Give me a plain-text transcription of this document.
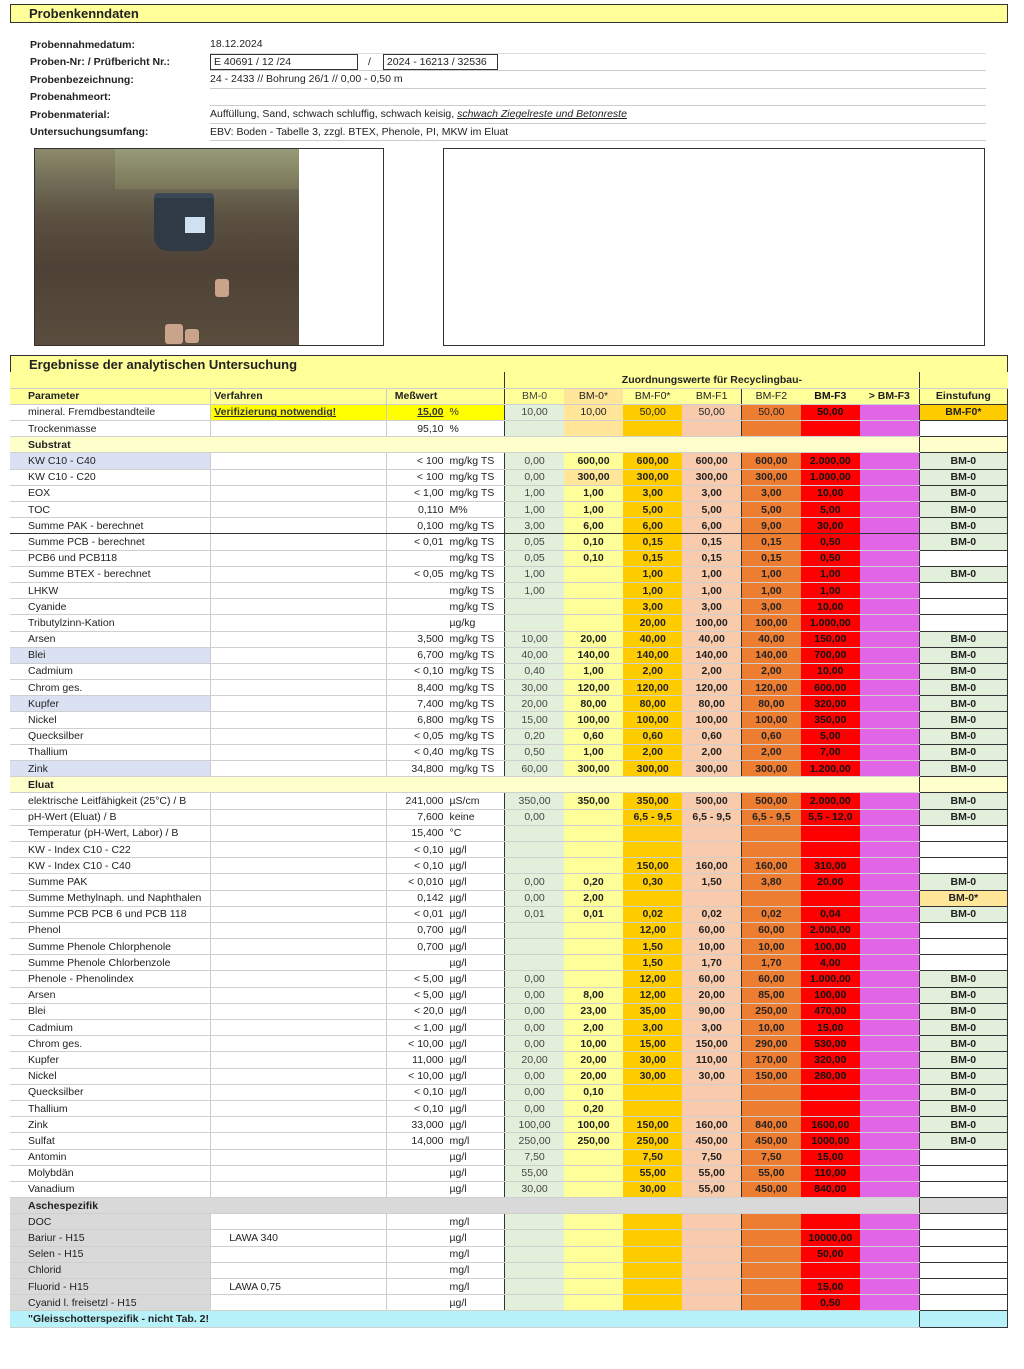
Probenkenndaten
Probennahmedatum:	18.12.2024
Proben-Nr: / Prüfbericht Nr.:	E 40691 / 12 /24	/	2024 - 16213 / 32536
Probenbezeichnung:	24 - 2433 // Bohrung 26/1 // 0,00 - 0,50 m
Probenahmeort:
Probenmaterial:	Auffüllung, Sand, schwach schluffig, schwach keisig,
schwach Ziegelreste und Betonreste
Untersuchungsumfang:	EBV: Boden - Tabelle 3, zzgl. BTEX, Phenole, PI, MKW im Eluat
Ergebnisse der analytischen Untersuchung
				Zuordnungswerte für Recyclingbau-							
Parameter	Verfahren	Meßwert		BM-0	BM-0*	BM-F0*	BM-F1	BM-F2	BM-F3	> BM-F3	Einstufung
mineral. Fremdbestandteile	Verifizierung notwendig!	15,00	%	10,00	10,00	50,00	50,00	50,00	50,00		BM-F0*
Trockenmasse		95,10	%								
Substrat											
KW C10 - C40		< 100	mg/kg TS	0,00	600,00	600,00	600,00	600,00	2.000,00		BM-0
KW C10 - C20		< 100	mg/kg TS	0,00	300,00	300,00	300,00	300,00	1.000,00		BM-0
EOX		< 1,00	mg/kg TS	1,00	1,00	3,00	3,00	3,00	10,00		BM-0
TOC		0,110	M%	1,00	1,00	5,00	5,00	5,00	5,00		BM-0
Summe PAK - berechnet		0,100	mg/kg TS	3,00	6,00	6,00	6,00	9,00	30,00		BM-0
Summe PCB - berechnet		< 0,01	mg/kg TS	0,05	0,10	0,15	0,15	0,15	0,50		BM-0
PCB6 und PCB118			mg/kg TS	0,05	0,10	0,15	0,15	0,15	0,50		
Summe BTEX - berechnet		< 0,05	mg/kg TS	1,00		1,00	1,00	1,00	1,00		BM-0
LHKW			mg/kg TS	1,00		1,00	1,00	1,00	1,00		
Cyanide			mg/kg TS			3,00	3,00	3,00	10,00		
Tributylzinn-Kation			µg/kg			20,00	100,00	100,00	1.000,00		
Arsen		3,500	mg/kg TS	10,00	20,00	40,00	40,00	40,00	150,00		BM-0
Blei		6,700	mg/kg TS	40,00	140,00	140,00	140,00	140,00	700,00		BM-0
Cadmium		< 0,10	mg/kg TS	0,40	1,00	2,00	2,00	2,00	10,00		BM-0
Chrom ges.		8,400	mg/kg TS	30,00	120,00	120,00	120,00	120,00	600,00		BM-0
Kupfer		7,400	mg/kg TS	20,00	80,00	80,00	80,00	80,00	320,00		BM-0
Nickel		6,800	mg/kg TS	15,00	100,00	100,00	100,00	100,00	350,00		BM-0
Quecksilber		< 0,05	mg/kg TS	0,20	0,60	0,60	0,60	0,60	5,00		BM-0
Thallium		< 0,40	mg/kg TS	0,50	1,00	2,00	2,00	2,00	7,00		BM-0
Zink		34,800	mg/kg TS	60,00	300,00	300,00	300,00	300,00	1.200,00		BM-0
Eluat											
elektrische Leitfähigkeit (25°C) / B		241,000	µS/cm	350,00	350,00	350,00	500,00	500,00	2.000,00		BM-0
pH-Wert (Eluat) / B		7,600	keine	0,00		6,5 - 9,5	6,5 - 9,5	6,5 - 9,5	5,5 - 12,0		BM-0
Temperatur (pH-Wert, Labor) / B		15,400	°C								
KW - Index C10 - C22		< 0,10	µg/l								
KW - Index C10 - C40		< 0,10	µg/l			150,00	160,00	160,00	310,00		
Summe PAK		< 0,010	µg/l	0,00	0,20	0,30	1,50	3,80	20,00		BM-0
Summe Methylnaph. und Naphthalen		0,142	µg/l	0,00	2,00						BM-0*
Summe PCB PCB 6 und PCB 118		< 0,01	µg/l	0,01	0,01	0,02	0,02	0,02	0,04		BM-0
Phenol		0,700	µg/l			12,00	60,00	60,00	2.000,00		
Summe Phenole Chlorphenole		0,700	µg/l			1,50	10,00	10,00	100,00		
Summe Phenole Chlorbenzole			µg/l			1,50	1,70	1,70	4,00		
Phenole - Phenolindex		< 5,00	µg/l	0,00		12,00	60,00	60,00	1.000,00		BM-0
Arsen		< 5,00	µg/l	0,00	8,00	12,00	20,00	85,00	100,00		BM-0
Blei		< 20,0	µg/l	0,00	23,00	35,00	90,00	250,00	470,00		BM-0
Cadmium		< 1,00	µg/l	0,00	2,00	3,00	3,00	10,00	15,00		BM-0
Chrom ges.		< 10,00	µg/l	0,00	10,00	15,00	150,00	290,00	530,00		BM-0
Kupfer		11,000	µg/l	20,00	20,00	30,00	110,00	170,00	320,00		BM-0
Nickel		< 10,00	µg/l	0,00	20,00	30,00	30,00	150,00	280,00		BM-0
Quecksilber		< 0,10	µg/l	0,00	0,10						BM-0
Thallium		< 0,10	µg/l	0,00	0,20						BM-0
Zink		33,000	µg/l	100,00	100,00	150,00	160,00	840,00	1600,00		BM-0
Sulfat		14,000	mg/l	250,00	250,00	250,00	450,00	450,00	1000,00		BM-0
Antomin			µg/l	7,50		7,50	7,50	7,50	15,00		
Molybdän			µg/l	55,00		55,00	55,00	55,00	110,00		
Vanadium			µg/l	30,00		30,00	55,00	450,00	840,00		
Aschespezifik											
DOC			mg/l								
Bariur - H15	LAWA 340		µg/l						10000,00		
Selen - H15			mg/l						50,00		
Chlorid			mg/l								
Fluorid - H15	LAWA 0,75		mg/l						15,00		
Cyanid l. freisetzl - H15			µg/l						0,50		
"Gleisschotterspezifik - nicht Tab. 2!											
